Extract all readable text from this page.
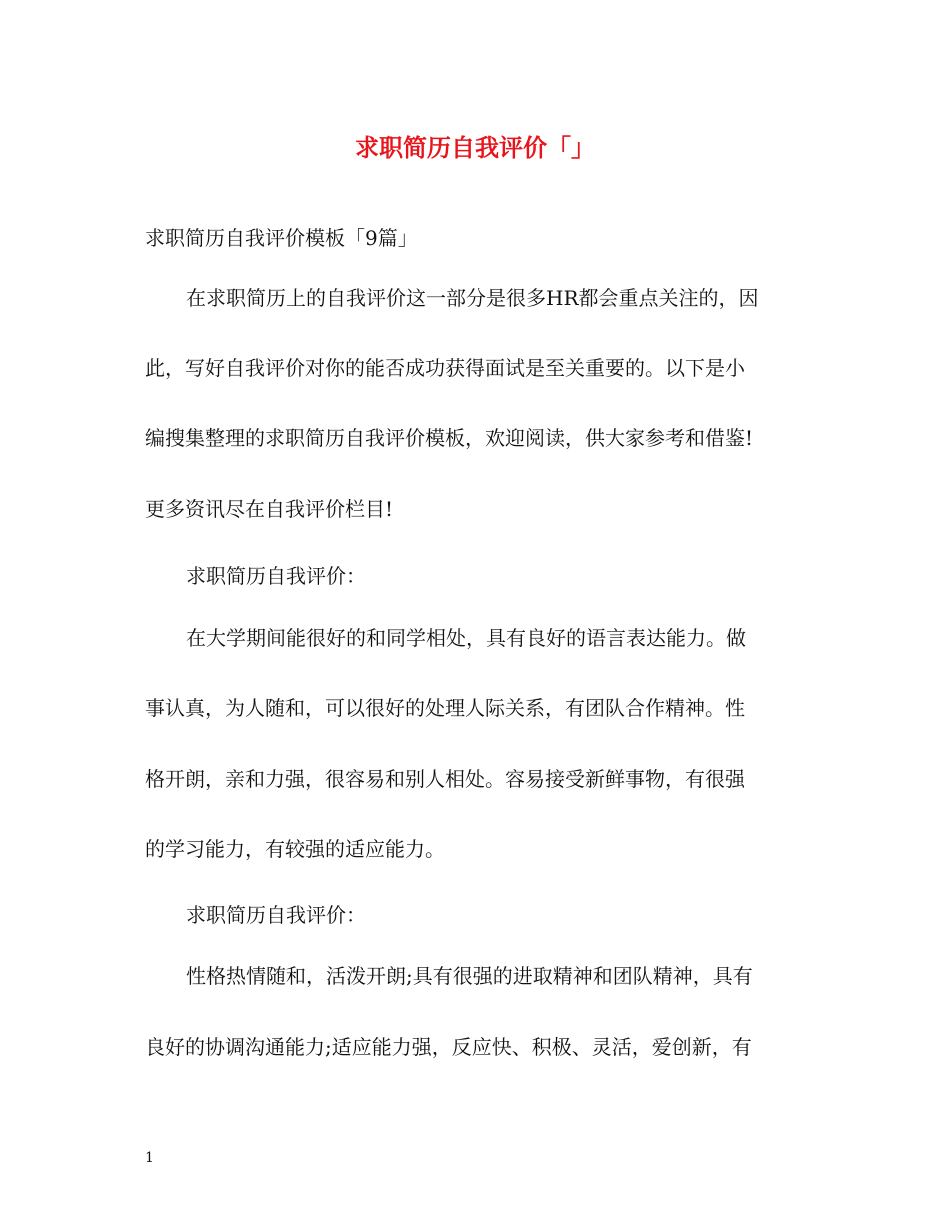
求职简历自我评价「」
求职简历自我评价模板「9篇」
在求职简历上的自我评价这一部分是很多HR都会重点关注的，因
此，写好自我评价对你的能否成功获得面试是至关重要的。以下是小
编搜集整理的求职简历自我评价模板，欢迎阅读，供大家参考和借鉴!
更多资讯尽在自我评价栏目!
求职简历自我评价：
在大学期间能很好的和同学相处，具有良好的语言表达能力。做
事认真，为人随和，可以很好的处理人际关系，有团队合作精神。性
格开朗，亲和力强，很容易和别人相处。容易接受新鲜事物，有很强
的学习能力，有较强的适应能力。
求职简历自我评价：
性格热情随和，活泼开朗;具有很强的进取精神和团队精神，具有
良好的协调沟通能力;适应能力强，反应快、积极、灵活，爱创新，有
1
